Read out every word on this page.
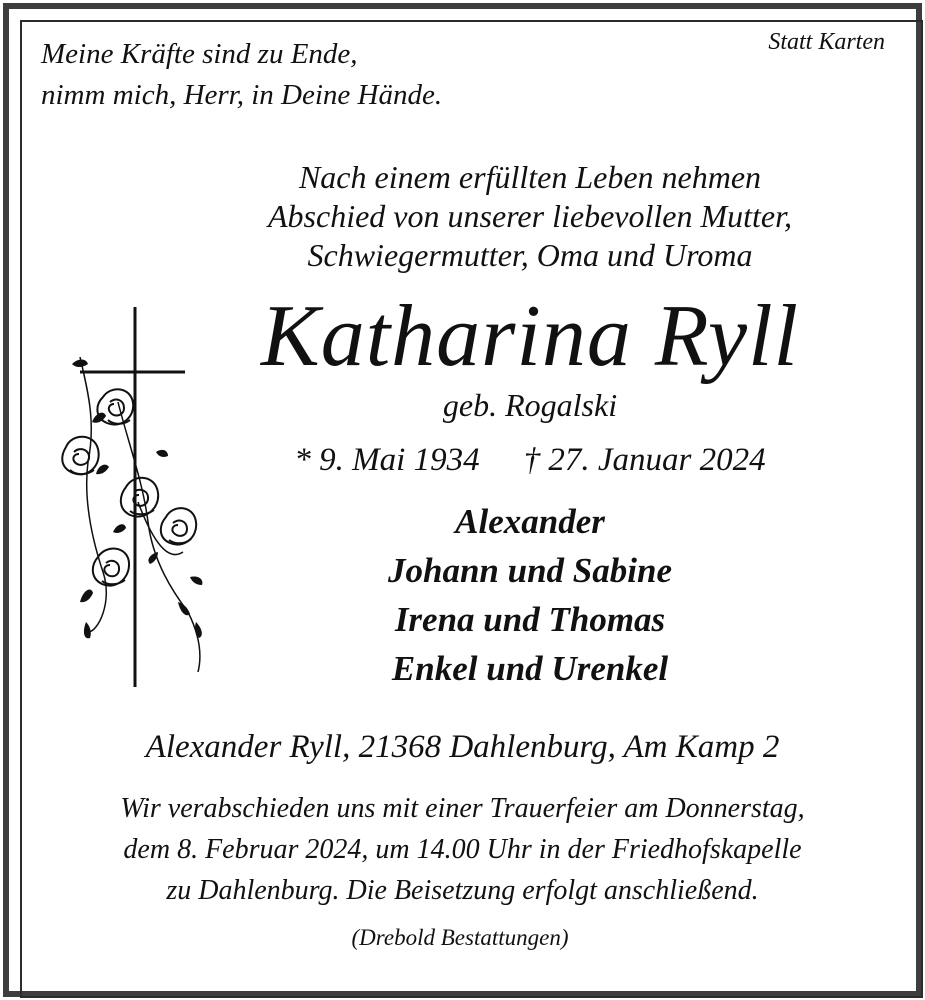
Meine Kräfte sind zu Ende,
nimm mich, Herr, in Deine Hände.
Statt Karten
Nach einem erfüllten Leben nehmen
Abschied von unserer liebevollen Mutter,
Schwiegermutter, Oma und Uroma
Katharina Ryll
geb. Rogalski
* 9. Mai 1934 † 27. Januar 2024
Alexander
Johann und Sabine
Irena und Thomas
Enkel und Urenkel
Alexander Ryll, 21368 Dahlenburg, Am Kamp 2
Wir verabschieden uns mit einer Trauerfeier am Donnerstag,
dem 8. Februar 2024, um 14.00 Uhr in der Friedhofskapelle
zu Dahlenburg. Die Beisetzung erfolgt anschließend.
(Drebold Bestattungen)
